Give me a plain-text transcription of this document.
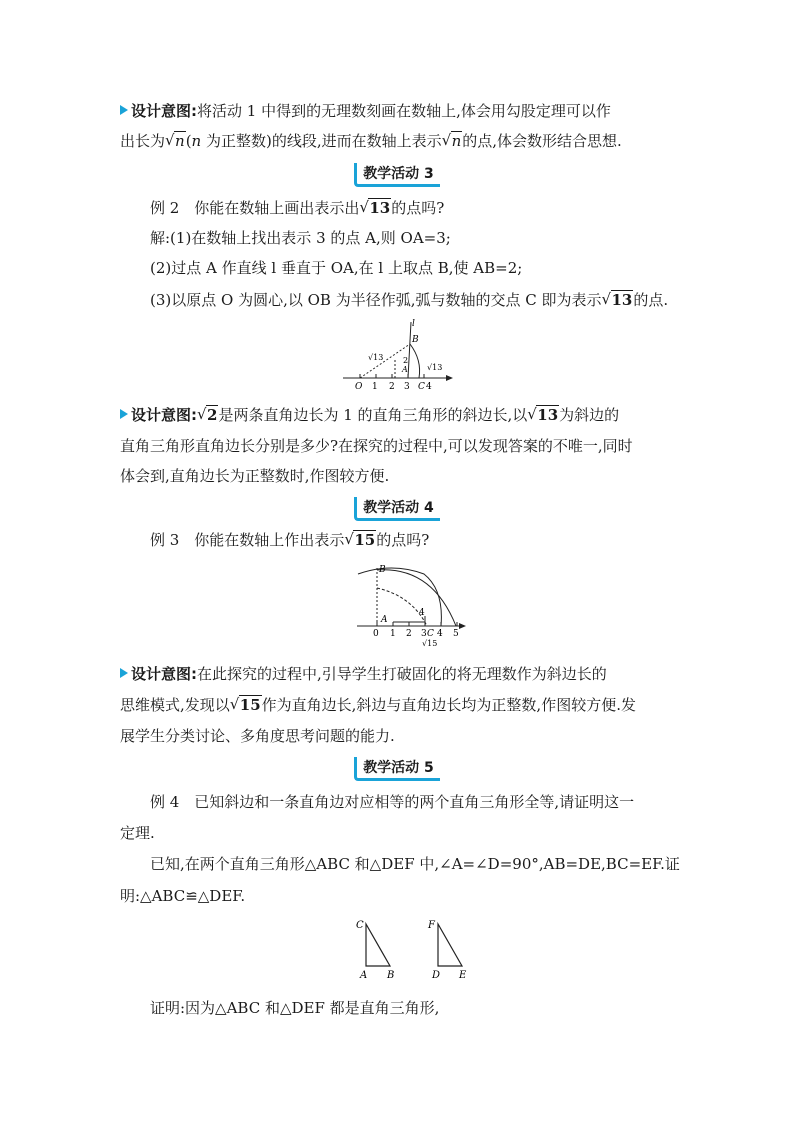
设计意图:将活动 1 中得到的无理数刻画在数轴上,体会用勾股定理可以作
出长为 √ n(n 为正整数)的线段,进而在数轴上表示 √ n的点,体会数形结合思想.
教学活动 3
例 2　你能在数轴上画出表示出 √ 13的点吗?
解:(1)在数轴上找出表示 3 的点 A,则 OA=3;
(2)过点 A 作直线 l 垂直于 OA,在 l 上取点 B,使 AB=2;
(3)以原点 O 为圆心,以 OB 为半径作弧,弧与数轴的交点 C 即为表示 √ 13的点.
l
B
√13 2
A √13
O 1 2 3 C 4
设计意图: √ 2是两条直角边长为 1 的直角三角形的斜边长,以 √ 13为斜边的
直角三角形直角边长分别是多少?在探究的过程中,可以发现答案的不唯一,同时
体会到,直角边长为正整数时,作图较方便.
教学活动 4
例 3　你能在数轴上作出表示 √ 15的点吗?
B
4
A
0 1 2 3 C 4 5
√15
设计意图:在此探究的过程中,引导学生打破固化的将无理数作为斜边长的
思维模式,发现以 √ 15作为直角边长,斜边与直角边长均为正整数,作图较方便.发
展学生分类讨论、多角度思考问题的能力.
教学活动 5
例 4　已知斜边和一条直角边对应相等的两个直角三角形全等,请证明这一
定理.
已知,在两个直角三角形△ABC 和△DEF 中,∠A=∠D=90°,AB=DE,BC=EF.证
明:△ABC≌△DEF.
C
A B
F
D E
证明:因为△ABC 和△DEF 都是直角三角形,
